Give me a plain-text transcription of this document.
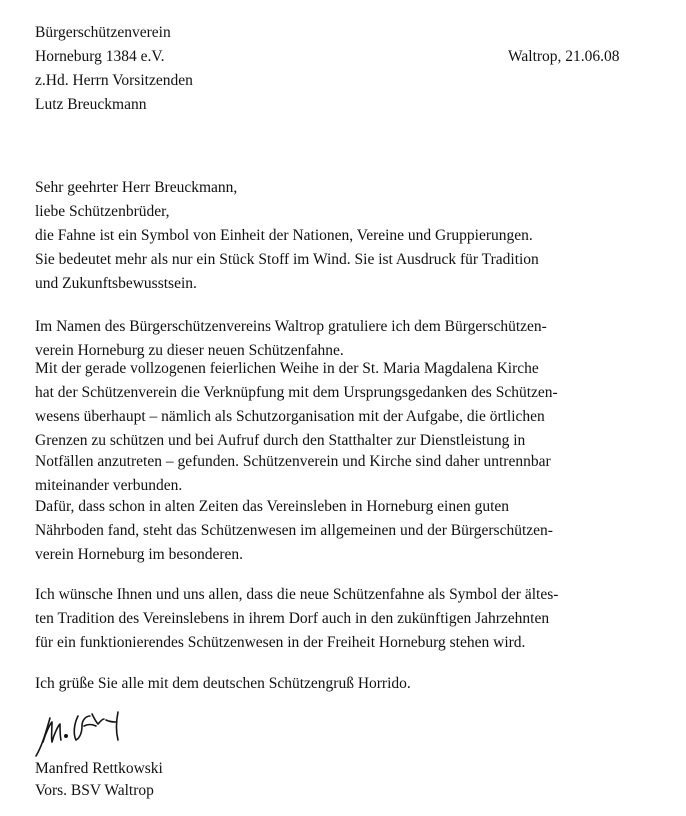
Bürgerschützenverein
Horneburg 1384 e.V.
z.Hd. Herrn Vorsitzenden
Lutz Breuckmann
Waltrop, 21.06.08
Sehr geehrter Herr Breuckmann,
liebe Schützenbrüder,
die Fahne ist ein Symbol von Einheit der Nationen, Vereine und Gruppierungen.
Sie bedeutet mehr als nur ein Stück Stoff im Wind. Sie ist Ausdruck für Tradition
und Zukunftsbewusstsein.
Im Namen des Bürgerschützenvereins Waltrop gratuliere ich dem Bürgerschützen-
verein Horneburg zu dieser neuen Schützenfahne.
Mit der gerade vollzogenen feierlichen Weihe in der St. Maria Magdalena Kirche
hat der Schützenverein die Verknüpfung mit dem Ursprungsgedanken des Schützen-
wesens überhaupt – nämlich als Schutzorganisation mit der Aufgabe, die örtlichen
Grenzen zu schützen und bei Aufruf durch den Statthalter zur Dienstleistung in
Notfällen anzutreten – gefunden. Schützenverein und Kirche sind daher untrennbar
miteinander verbunden.
Dafür, dass schon in alten Zeiten das Vereinsleben in Horneburg einen guten
Nährboden fand, steht das Schützenwesen im allgemeinen und der Bürgerschützen-
verein Horneburg im besonderen.
Ich wünsche Ihnen und uns allen, dass die neue Schützenfahne als Symbol der ältes-
ten Tradition des Vereinslebens in ihrem Dorf auch in den zukünftigen Jahrzehnten
für ein funktionierendes Schützenwesen in der Freiheit Horneburg stehen wird.
Ich grüße Sie alle mit dem deutschen Schützengruß Horrido.
Manfred Rettkowski
Vors. BSV Waltrop
